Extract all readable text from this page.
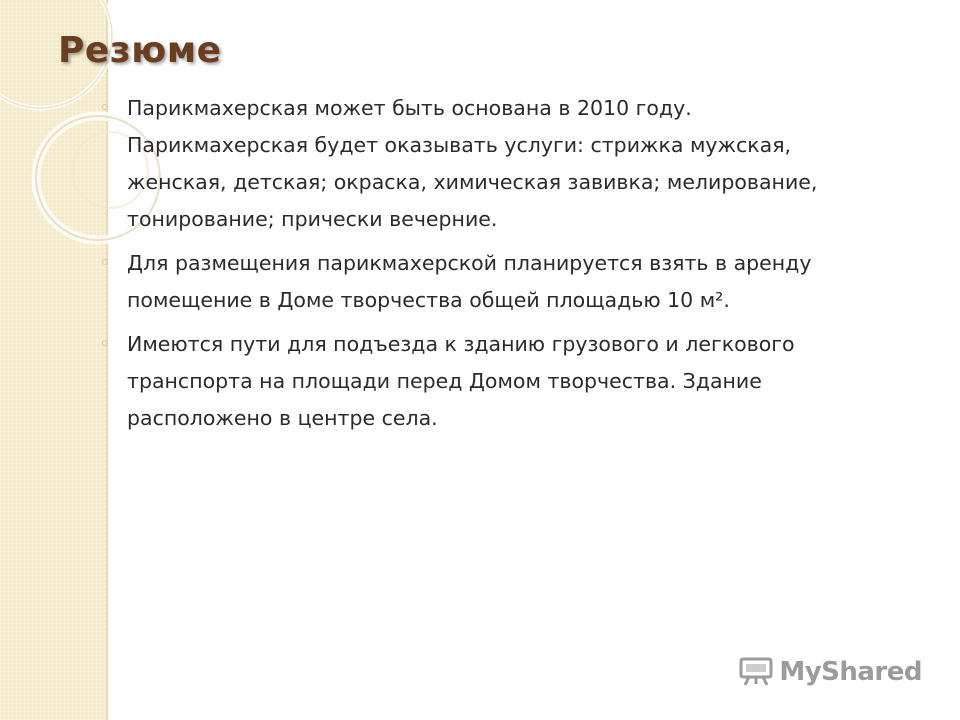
Резюме
Парикмахерская может быть основана в 2010 году. Парикмахерская будет оказывать услуги: стрижка мужская, женская, детская; окраска, химическая завивка; мелирование, тонирование; прически вечерние.
Для размещения парикмахерской планируется взять в аренду помещение в Доме творчества общей площадью 10 м².
Имеются пути для подъезда к зданию грузового и легкового транспорта на площади перед Домом творчества. Здание расположено в центре села.
MyShared
